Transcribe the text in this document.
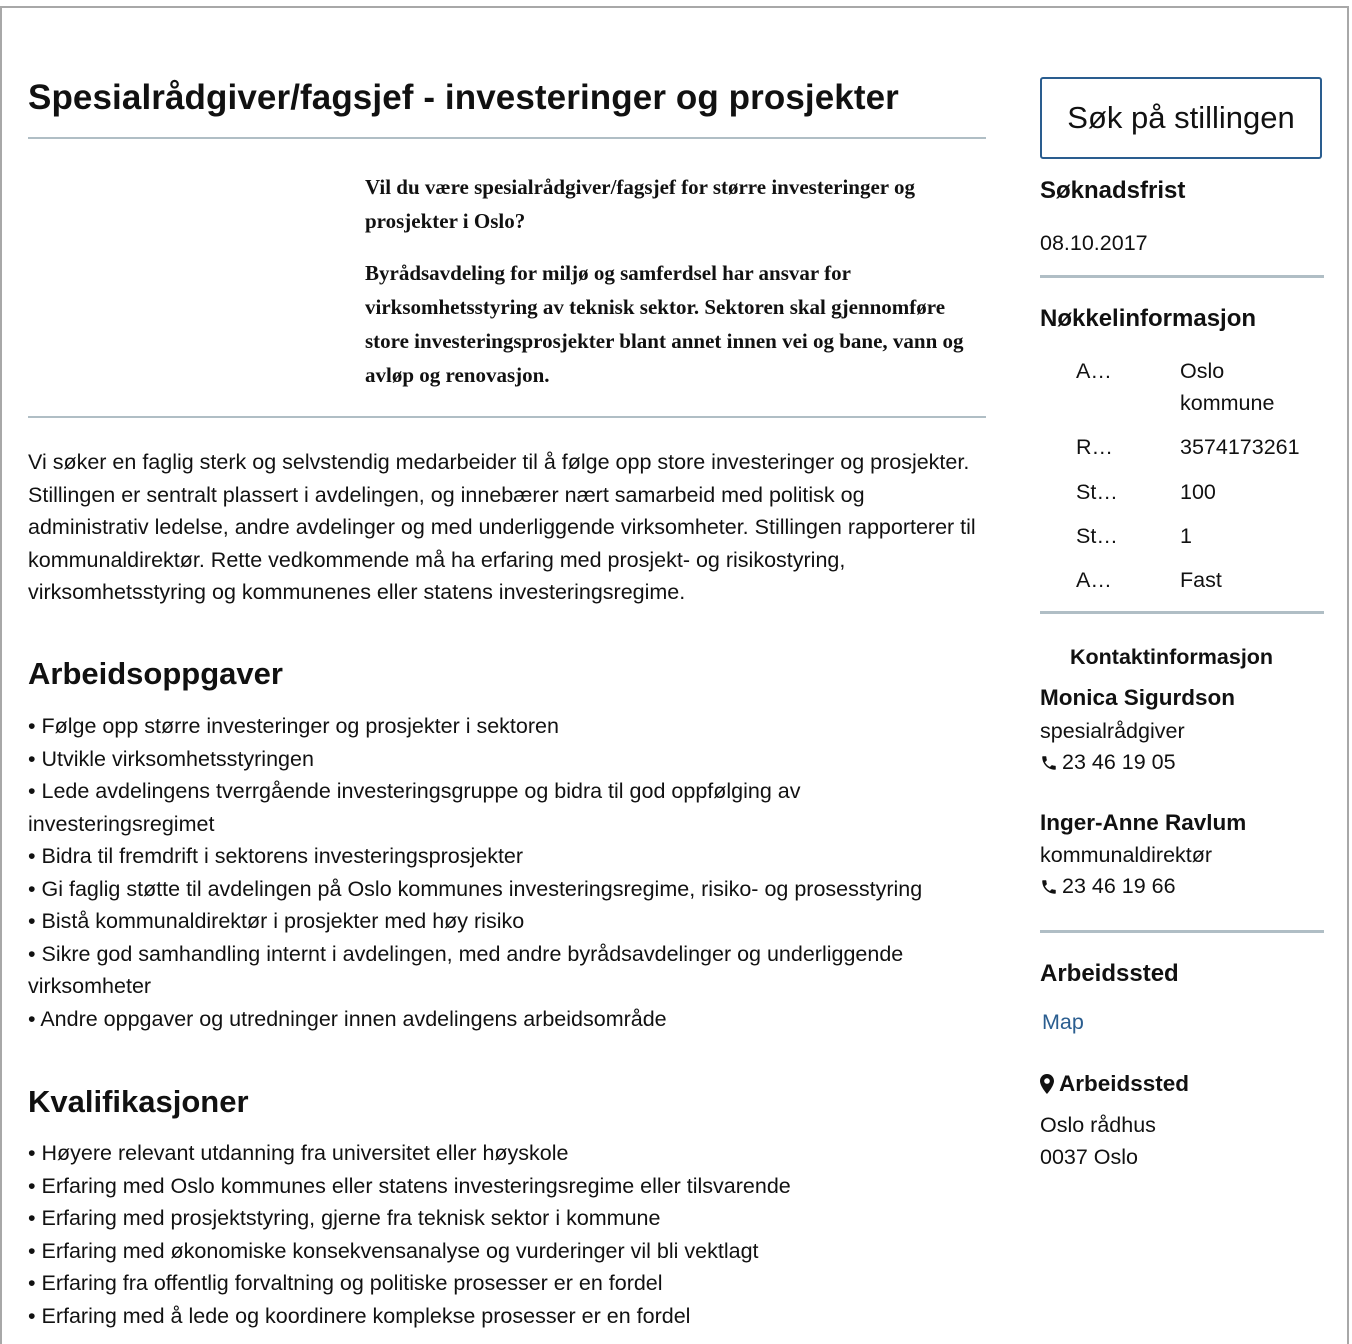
Spesialrådgiver/fagsjef - investeringer og prosjekter

Vil du være spesialrådgiver/fagsjef for større investeringer og prosjekter i Oslo?

Byrådsavdeling for miljø og samferdsel har ansvar for virksomhetsstyring av teknisk sektor. Sektoren skal gjennomføre store investeringsprosjekter blant annet innen vei og bane, vann og avløp og renovasjon.

Vi søker en faglig sterk og selvstendig medarbeider til å følge opp store investeringer og prosjekter. Stillingen er sentralt plassert i avdelingen, og innebærer nært samarbeid med politisk og administrativ ledelse, andre avdelinger og med underliggende virksomheter. Stillingen rapporterer til kommunaldirektør. Rette vedkommende må ha erfaring med prosjekt- og risikostyring, virksomhetsstyring og kommunenes eller statens investeringsregime.

Arbeidsoppgaver
• Følge opp større investeringer og prosjekter i sektoren
• Utvikle virksomhetsstyringen
• Lede avdelingens tverrgående investeringsgruppe og bidra til god oppfølging av investeringsregimet
• Bidra til fremdrift i sektorens investeringsprosjekter
• Gi faglig støtte til avdelingen på Oslo kommunes investeringsregime, risiko- og prosesstyring
• Bistå kommunaldirektør i prosjekter med høy risiko
• Sikre god samhandling internt i avdelingen, med andre byrådsavdelinger og underliggende virksomheter
• Andre oppgaver og utredninger innen avdelingens arbeidsområde
Kvalifikasjoner
• Høyere relevant utdanning fra universitet eller høyskole
• Erfaring med Oslo kommunes eller statens investeringsregime eller tilsvarende
• Erfaring med prosjektstyring, gjerne fra teknisk sektor i kommune
• Erfaring med økonomiske konsekvensanalyse og vurderinger vil bli vektlagt
• Erfaring fra offentlig forvaltning og politiske prosesser er en fordel
• Erfaring med å lede og koordinere komplekse prosesser er en fordel
Søk på stillingen
Søknadsfrist
08.10.2017
Nøkkelinformasjon
A…	Oslo kommune
R…	3574173261
St…	100
St…	1
A…	Fast
Kontaktinformasjon
Monica Sigurdson
spesialrådgiver
23 46 19 05
Inger-Anne Ravlum
kommunaldirektør
23 46 19 66
Arbeidssted
Map
Arbeidssted
Oslo rådhus
0037 Oslo
